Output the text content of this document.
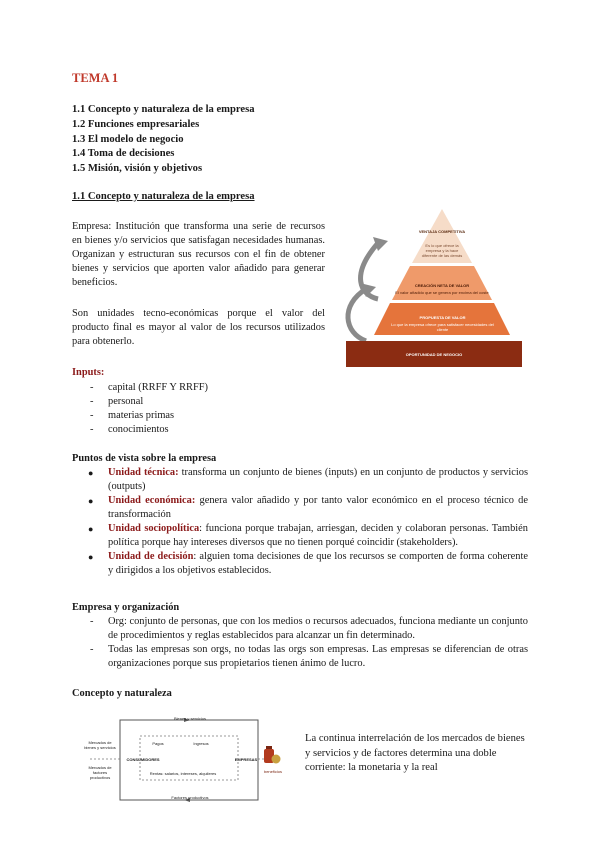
TEMA 1
1.1 Concepto y naturaleza de la empresa
1.2 Funciones empresariales
1.3 El modelo de negocio
1.4 Toma de decisiones
1.5 Misión, visión y objetivos
1.1 Concepto y naturaleza de la empresa
Empresa: Institución que transforma una serie de recursos en bienes y/o servicios que satisfagan necesidades humanas. Organizan y estructuran sus recursos con el fin de obtener bienes y servicios que aporten valor añadido para generar beneficios.
Son unidades tecno-económicas porque el valor del producto final es mayor al valor de los recursos utilizados para obtenerlo.
VENTAJA COMPETITIVA
Es lo que ofrece la empresa y la hace diferente de las demás
CREACIÓN NETA DE VALOR
El valor añadido que se genera por encima del coste
PROPUESTA DE VALOR
Lo que la empresa ofrece para satisfacer necesidades del cliente
OPORTUNIDAD DE NEGOCIO
Inputs:
- capital (RRFF Y RRFF)
- personal
- materias primas
- conocimientos
Puntos de vista sobre la empresa
● Unidad técnica: transforma un conjunto de bienes (inputs) en un conjunto de productos y servicios (outputs)
● Unidad económica: genera valor añadido y por tanto valor económico en el proceso técnico de transformación
● Unidad sociopolítica: funciona porque trabajan, arriesgan, deciden y colaboran personas. También política porque hay intereses diversos que no tienen porqué coincidir (stakeholders).
● Unidad de decisión: alguien toma decisiones de que los recursos se comporten de forma coherente y dirigidos a los objetivos establecidos.
Empresa y organización
- Org: conjunto de personas, que con los medios o recursos adecuados, funciona mediante un conjunto de procedimientos y reglas establecidos para alcanzar un fin determinado.
- Todas las empresas son orgs, no todas las orgs son empresas. Las empresas se diferencian de otras organizaciones porque sus propietarios tienen ánimo de lucro.
Concepto y naturaleza
Bienes y servicios
Factores productivos
CONSUMIDORES	EMPRESAS
Pagos	Ingresos
Rentas: salarios, intereses, alquileres
Mercados de bienes y servicios
Mercados de factores productivos
beneficios
La continua interrelación de los mercados de bienes y servicios y de factores determina una doble corriente: la monetaria y la real
